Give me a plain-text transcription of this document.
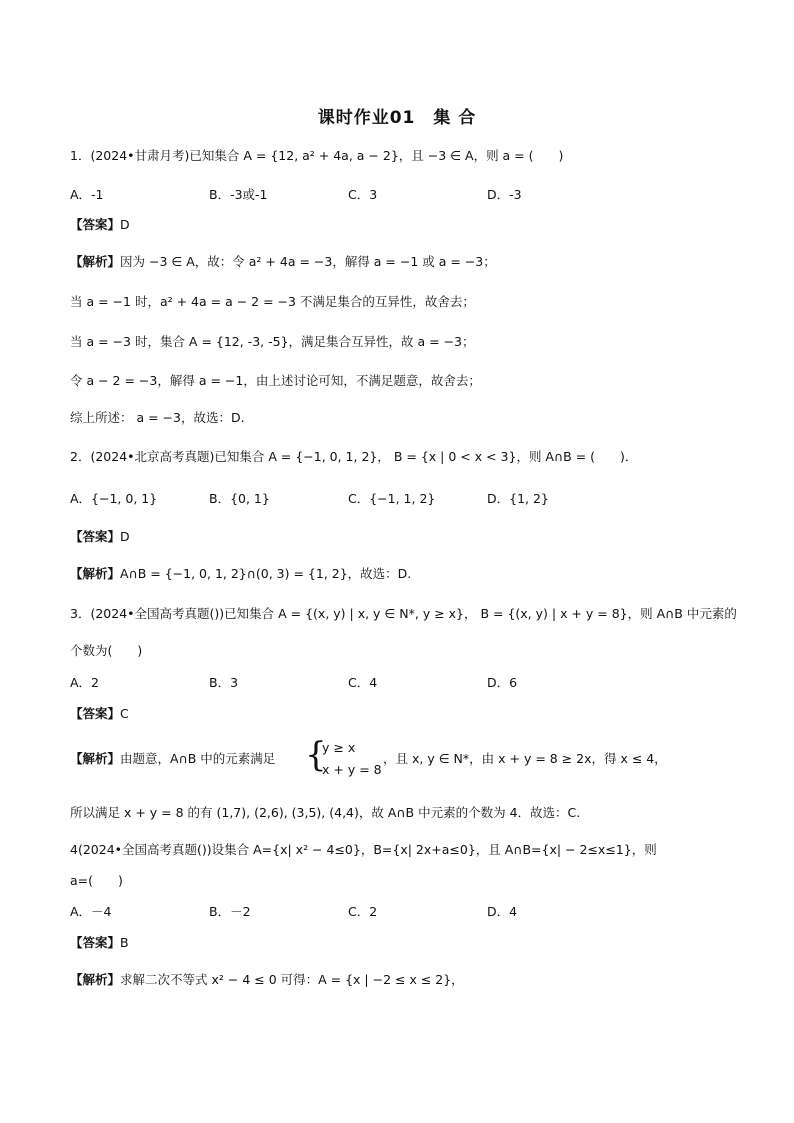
课时作业01　集 合
1．(2024•甘肃月考)已知集合 A = {12, a² + 4a, a − 2}，且 −3 ∈ A，则 a = (　　)
A．-1	B．-3或-1	C．3	D．-3
【答案】D
【解析】因为 −3 ∈ A，故：令 a² + 4a = −3，解得 a = −1 或 a = −3；
当 a = −1 时，a² + 4a = a − 2 = −3 不满足集合的互异性，故舍去；
当 a = −3 时，集合 A = {12, -3, -5}，满足集合互异性，故 a = −3；
令 a − 2 = −3，解得 a = −1，由上述讨论可知，不满足题意，故舍去；
综上所述： a = −3，故选：D.
2．(2024•北京高考真题)已知集合 A = {−1, 0, 1, 2}， B = {x | 0 < x < 3}，则 A∩B = (　　)．
A．{−1, 0, 1}	B．{0, 1}	C．{−1, 1, 2}	D．{1, 2}
【答案】D
【解析】A∩B = {−1, 0, 1, 2}∩(0, 3) = {1, 2}，故选：D.
3．(2024•全国高考真题())已知集合 A = {(x, y) | x, y ∈ N*, y ≥ x}， B = {(x, y) | x + y = 8}，则 A∩B 中元素的
个数为(　　)
A．2	B．3	C．4	D．6
【答案】C
【解析】由题意，A∩B 中的元素满足 {
y ≥ x
x + y = 8
，且 x, y ∈ N*，由 x + y = 8 ≥ 2x，得 x ≤ 4，
所以满足 x + y = 8 的有 (1,7), (2,6), (3,5), (4,4)，故 A∩B 中元素的个数为 4．故选：C.
4(2024•全国高考真题())设集合 A={x| x² − 4≤0}，B={x| 2x+a≤0}，且 A∩B={x| − 2≤x≤1}，则
a=(　　)
A．－4	B．－2	C．2	D．4
【答案】B
【解析】求解二次不等式 x² − 4 ≤ 0 可得：A = {x | −2 ≤ x ≤ 2}，
